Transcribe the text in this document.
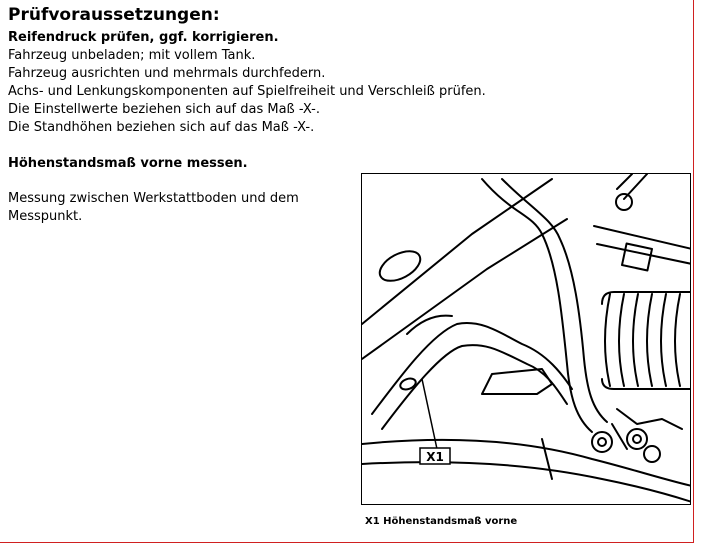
Prüfvoraussetzungen:
Reifendruck prüfen, ggf. korrigieren.
Fahrzeug unbeladen; mit vollem Tank.
Fahrzeug ausrichten und mehrmals durchfedern.
Achs- und Lenkungskomponenten auf Spielfreiheit und Verschleiß prüfen.
Die Einstellwerte beziehen sich auf das Maß -X-.
Die Standhöhen beziehen sich auf das Maß -X-.
Höhenstandsmaß vorne messen.
Messung zwischen Werkstattboden und dem Messpunkt.
X1
X1 Höhenstandsmaß vorne
